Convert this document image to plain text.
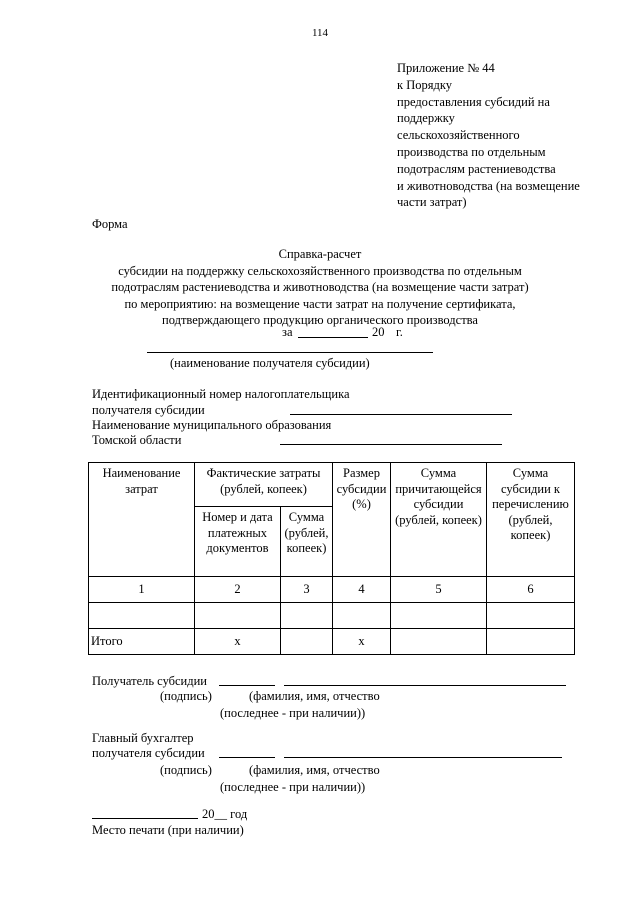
114
Приложение № 44
к Порядку
предоставления субсидий на
поддержку
сельскохозяйственного
производства по отдельным
подотраслям растениеводства
и животноводства (на возмещение
части затрат)
Форма
Справка-расчет
субсидии на поддержку сельскохозяйственного производства по отдельным
подотраслям растениеводства и животноводства (на возмещение части затрат)
по мероприятию: на возмещение части затрат на получение сертификата,
подтверждающего продукцию органического производства
за	20 г.
(наименование получателя субсидии)
Идентификационный номер налогоплательщика
получателя субсидии
Наименование муниципального образования
Томской области
Наименование затрат	Фактические затраты (рублей, копеек)		Размер субсидии (%)	Сумма причитающейся субсидии (рублей, копеек)	Сумма субсидии к перечислению (рублей, копеек)
	Номер и дата платежных документов	Сумма (рублей, копеек)			
1	2	3	4	5	6

Итого	х		х		
Получатель субсидии
(подпись)	(фамилия, имя, отчество
(последнее - при наличии))
Главный бухгалтер
получателя субсидии
(подпись)	(фамилия, имя, отчество
(последнее - при наличии))
20__ год
Место печати (при наличии)
